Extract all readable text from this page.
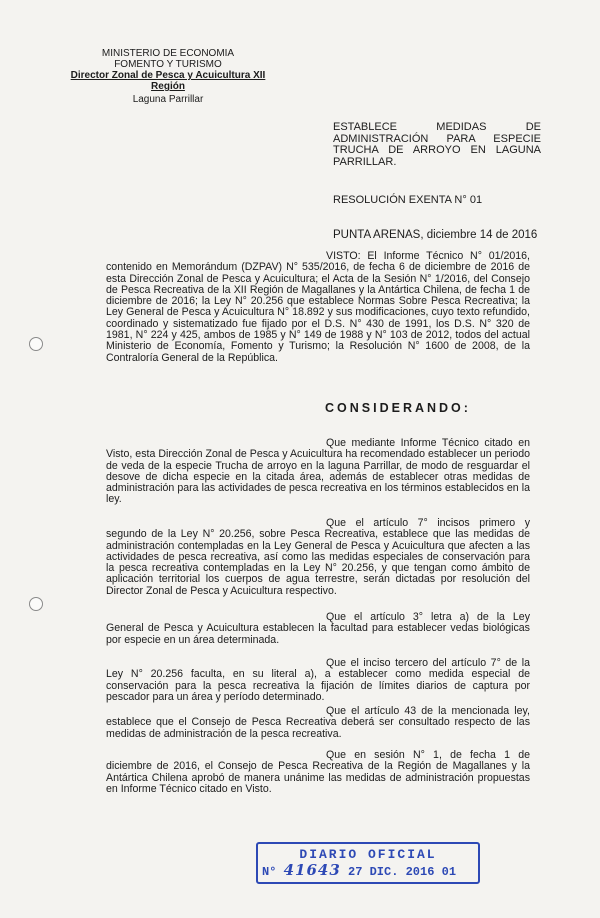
MINISTERIO DE ECONOMIA
FOMENTO Y TURISMO
Director Zonal de Pesca y Acuicultura XII
Región
Laguna Parrillar
ESTABLECE MEDIDAS DE ADMINISTRACIÓN PARA ESPECIE TRUCHA DE ARROYO EN LAGUNA PARRILLAR.
RESOLUCIÓN EXENTA N° 01
PUNTA ARENAS, diciembre 14 de 2016
VISTO: El Informe Técnico N° 01/2016, contenido en Memorándum (DZPAV) N° 535/2016, de fecha 6 de diciembre de 2016 de esta Dirección Zonal de Pesca y Acuicultura; el Acta de la Sesión N° 1/2016, del Consejo de Pesca Recreativa de la XII Región de Magallanes y la Antártica Chilena, de fecha 1 de diciembre de 2016; la Ley N° 20.256 que establece Normas Sobre Pesca Recreativa; la Ley General de Pesca y Acuicultura N° 18.892 y sus modificaciones, cuyo texto refundido, coordinado y sistematizado fue fijado por el D.S. N° 430 de 1991, los D.S. N° 320 de 1981, N° 224 y 425, ambos de 1985 y N° 149 de 1988 y N° 103 de 2012, todos del actual Ministerio de Economía, Fomento y Turismo; la Resolución N° 1600 de 2008, de la Contraloría General de la República.
CONSIDERANDO:
Que mediante Informe Técnico citado en Visto, esta Dirección Zonal de Pesca y Acuicultura ha recomendado establecer un periodo de veda de la especie Trucha de arroyo en la laguna Parrillar, de modo de resguardar el desove de dicha especie en la citada área, además de establecer otras medidas de administración para las actividades de pesca recreativa en los términos establecidos en la ley.
Que el artículo 7° incisos primero y segundo de la Ley N° 20.256, sobre Pesca Recreativa, establece que las medidas de administración contempladas en la Ley General de Pesca y Acuicultura que afecten a las actividades de pesca recreativa, así como las medidas especiales de conservación para la pesca recreativa contempladas en la Ley N° 20.256, y que tengan como ámbito de aplicación territorial los cuerpos de agua terrestre, serán dictadas por resolución del Director Zonal de Pesca y Acuicultura respectivo.
Que el artículo 3° letra a) de la Ley General de Pesca y Acuicultura establecen la facultad para establecer vedas biológicas por especie en un área determinada.
Que el inciso tercero del artículo 7° de la Ley N° 20.256 faculta, en su literal a), a establecer como medida especial de conservación para la pesca recreativa la fijación de límites diarios de captura por pescador para un área y período determinado.
Que el artículo 43 de la mencionada ley, establece que el Consejo de Pesca Recreativa deberá ser consultado respecto de las medidas de administración de la pesca recreativa.
Que en sesión N° 1, de fecha 1 de diciembre de 2016, el Consejo de Pesca Recreativa de la Región de Magallanes y la Antártica Chilena aprobó de manera unánime las medidas de administración propuestas en Informe Técnico citado en Visto.
DIARIO OFICIAL
N° 41643 27 DIC. 2016 01
